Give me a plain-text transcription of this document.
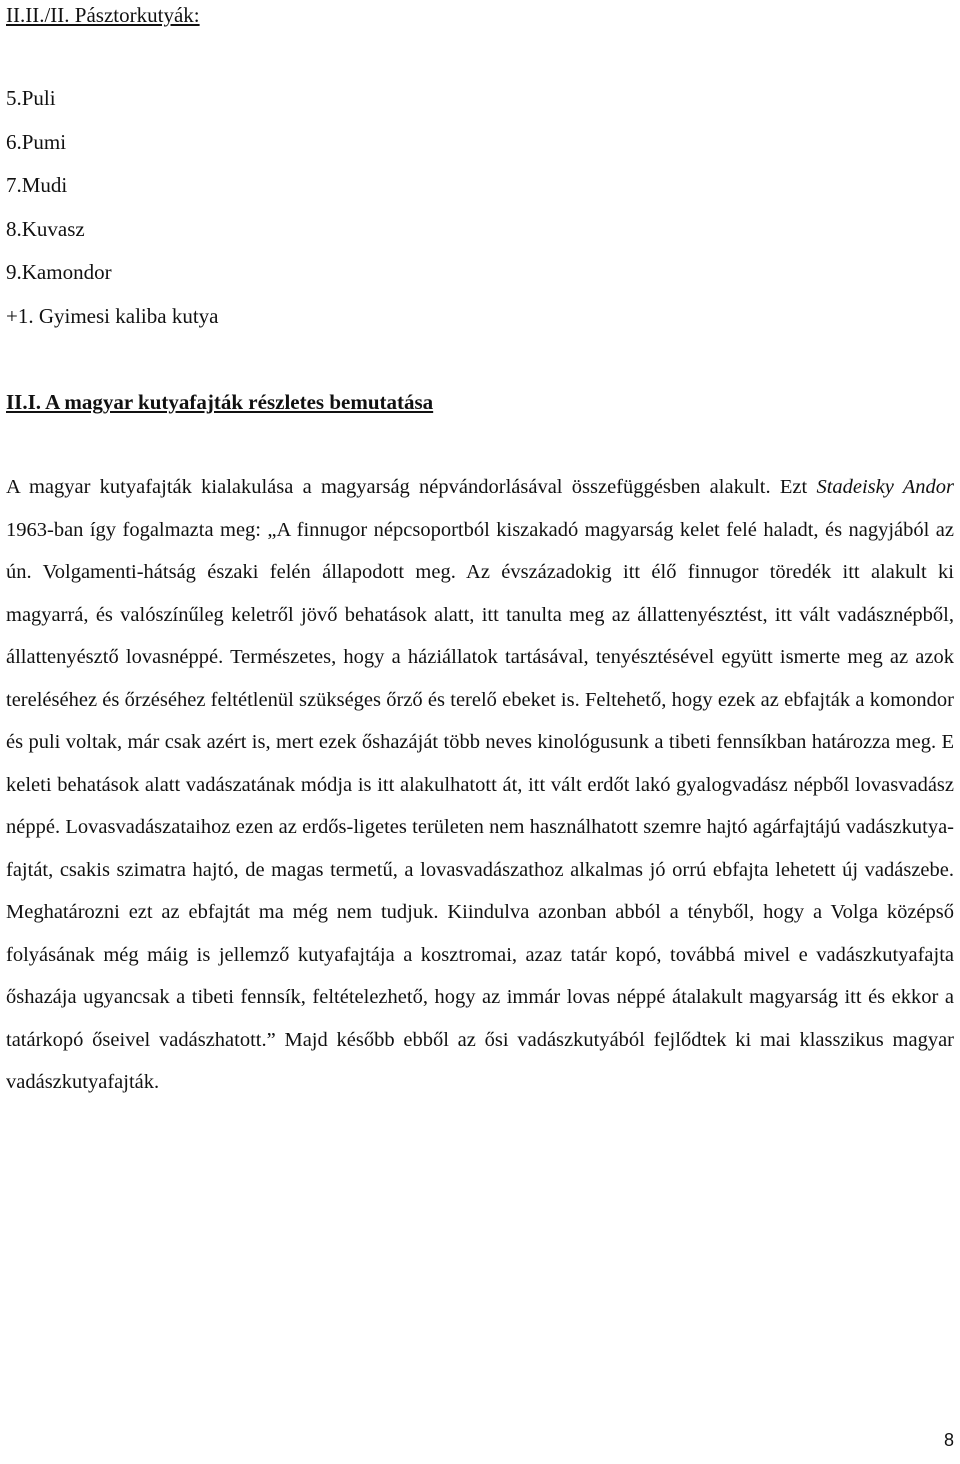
II.II./II. Pásztorkutyák:
5.Puli
6.Pumi
7.Mudi
8.Kuvasz
9.Kamondor
+1. Gyimesi kaliba kutya
II.I. A magyar kutyafajták részletes bemutatása

A magyar kutyafajták kialakulása a magyarság népvándorlásával összefüggésben alakult. Ezt Stadeisky Andor 1963-ban így fogalmazta meg: „A finnugor népcsoportból kiszakadó magyarság kelet felé haladt, és nagyjából az ún. Volgamenti-hátság északi felén állapodott meg. Az évszázadokig itt élő finnugor töredék itt alakult ki magyarrá, és valószínűleg keletről jövő behatások alatt, itt tanulta meg az állattenyésztést, itt vált vadásznépből, állattenyésztő lovasnéppé. Természetes, hogy a háziállatok tartásával, tenyésztésével együtt ismerte meg az azok tereléséhez és őrzéséhez feltétlenül szükséges őrző és terelő ebeket is. Feltehető, hogy ezek az ebfajták a komondor és puli voltak, már csak azért is, mert ezek őshazáját több neves kinológusunk a tibeti fennsíkban határozza meg. E keleti behatások alatt vadászatának módja is itt alakulhatott át, itt vált erdőt lakó gyalogvadász népből lovasvadász néppé. Lovasvadászataihoz ezen az erdős-ligetes területen nem használhatott szemre hajtó agárfajtájú vadászkutya-fajtát, csakis szimatra hajtó, de magas termetű, a lovasvadászathoz alkalmas jó orrú ebfajta lehetett új vadászebe. Meghatározni ezt az ebfajtát ma még nem tudjuk. Kiindulva azonban abból a tényből, hogy a Volga középső folyásának még máig is jellemző kutyafajtája a kosztromai, azaz tatár kopó, továbbá mivel e vadászkutyafajta őshazája ugyancsak a tibeti fennsík, feltételezhető, hogy az immár lovas néppé átalakult magyarság itt és ekkor a tatárkopó őseivel vadászhatott.” Majd később ebből az ősi vadászkutyából fejlődtek ki mai klasszikus magyar vadászkutyafajták.

8
